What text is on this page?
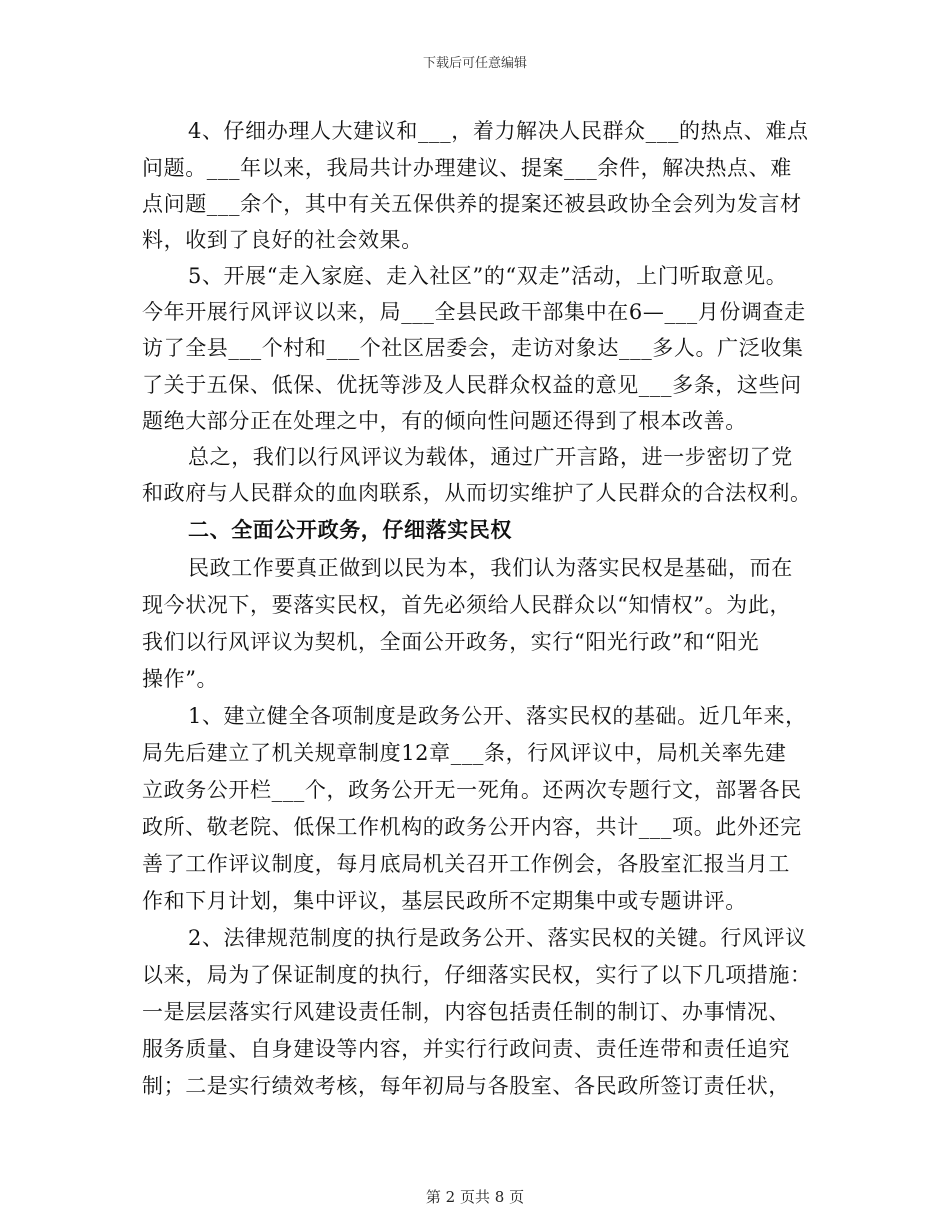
下载后可任意编辑
4、仔细办理人大建议和___，着力解决人民群众___的热点、难点
问题。___年以来，我局共计办理建议、提案___余件，解决热点、难
点问题___余个，其中有关五保供养的提案还被县政协全会列为发言材
料，收到了良好的社会效果。
5、开展“走入家庭、走入社区”的“双走”活动，上门听取意见。
今年开展行风评议以来，局___全县民政干部集中在6—___月份调查走
访了全县___个村和___个社区居委会，走访对象达___多人。广泛收集
了关于五保、低保、优抚等涉及人民群众权益的意见___多条，这些问
题绝大部分正在处理之中，有的倾向性问题还得到了根本改善。
总之，我们以行风评议为载体，通过广开言路，进一步密切了党
和政府与人民群众的血肉联系，从而切实维护了人民群众的合法权利。
二、全面公开政务，仔细落实民权
民政工作要真正做到以民为本，我们认为落实民权是基础，而在
现今状况下，要落实民权，首先必须给人民群众以“知情权”。为此，
我们以行风评议为契机，全面公开政务，实行“阳光行政”和“阳光
操作”。
1、建立健全各项制度是政务公开、落实民权的基础。近几年来，
局先后建立了机关规章制度12章___条，行风评议中，局机关率先建
立政务公开栏___个，政务公开无一死角。还两次专题行文，部署各民
政所、敬老院、低保工作机构的政务公开内容，共计___项。此外还完
善了工作评议制度，每月底局机关召开工作例会，各股室汇报当月工
作和下月计划，集中评议，基层民政所不定期集中或专题讲评。
2、法律规范制度的执行是政务公开、落实民权的关键。行风评议
以来，局为了保证制度的执行，仔细落实民权，实行了以下几项措施：
一是层层落实行风建设责任制，内容包括责任制的制订、办事情况、
服务质量、自身建设等内容，并实行行政问责、责任连带和责任追究
制；二是实行绩效考核，每年初局与各股室、各民政所签订责任状，
第 2 页共 8 页
